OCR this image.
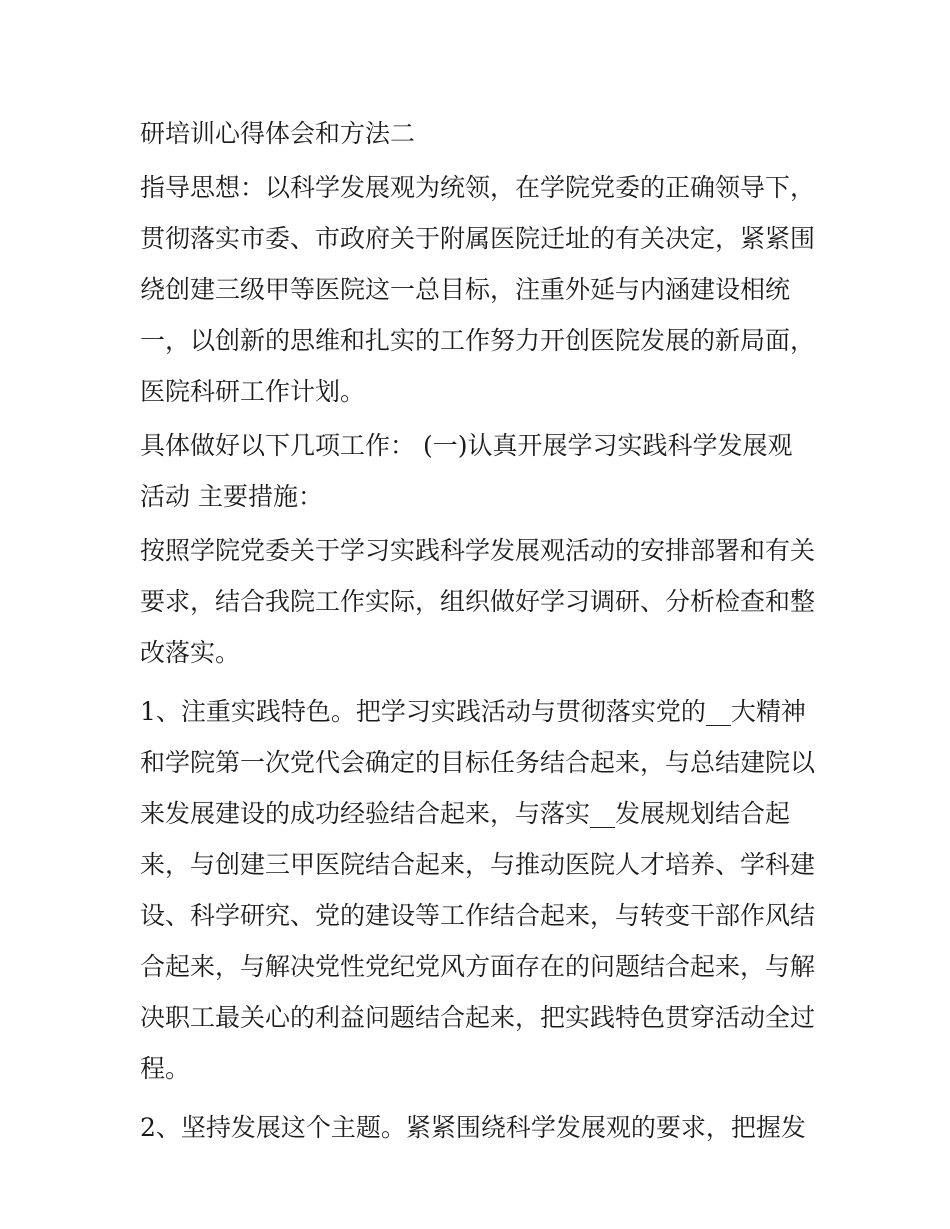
研培训心得体会和方法二
指导思想：以科学发展观为统领，在学院党委的正确领导下，
贯彻落实市委、市政府关于附属医院迁址的有关决定，紧紧围
绕创建三级甲等医院这一总目标，注重外延与内涵建设相统
一，以创新的思维和扎实的工作努力开创医院发展的新局面，
医院科研工作计划。
具体做好以下几项工作： (一)认真开展学习实践科学发展观
活动 主要措施：
按照学院党委关于学习实践科学发展观活动的安排部署和有关
要求，结合我院工作实际，组织做好学习调研、分析检查和整
改落实。
1、注重实践特色。把学习实践活动与贯彻落实党的__大精神
和学院第一次党代会确定的目标任务结合起来，与总结建院以
来发展建设的成功经验结合起来，与落实__发展规划结合起
来，与创建三甲医院结合起来，与推动医院人才培养、学科建
设、科学研究、党的建设等工作结合起来，与转变干部作风结
合起来，与解决党性党纪党风方面存在的问题结合起来，与解
决职工最关心的利益问题结合起来，把实践特色贯穿活动全过
程。
2、坚持发展这个主题。紧紧围绕科学发展观的要求，把握发
